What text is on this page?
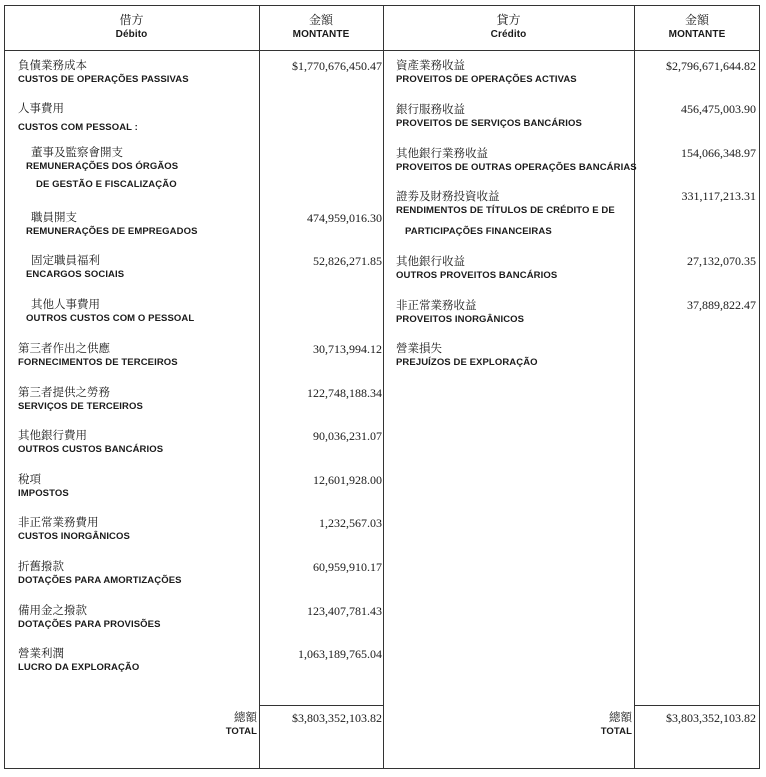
借方
Débito
金額
MONTANTE
貸方
Crédito
金額
MONTANTE
負債業務成本
CUSTOS DE OPERAÇÕES PASSIVAS
$1,770,676,450.47
人事費用
CUSTOS COM PESSOAL :
董事及監察會開支
REMUNERAÇÕES DOS ÓRGÃOS
DE GESTÃO E FISCALIZAÇÃO
職員開支
REMUNERAÇÕES DE EMPREGADOS
474,959,016.30
固定職員福利
ENCARGOS SOCIAIS
52,826,271.85
其他人事費用
OUTROS CUSTOS COM O PESSOAL
第三者作出之供應
FORNECIMENTOS DE TERCEIROS
30,713,994.12
第三者提供之勞務
SERVIÇOS DE TERCEIROS
122,748,188.34
其他銀行費用
OUTROS CUSTOS BANCÁRIOS
90,036,231.07
稅項
IMPOSTOS
12,601,928.00
非正常業務費用
CUSTOS INORGÂNICOS
1,232,567.03
折舊撥款
DOTAÇÕES PARA AMORTIZAÇÕES
60,959,910.17
備用金之撥款
DOTAÇÕES PARA PROVISÕES
123,407,781.43
營業利潤
LUCRO DA EXPLORAÇÃO
1,063,189,765.04
總額
TOTAL
$3,803,352,103.82
資產業務收益
PROVEITOS DE OPERAÇÕES ACTIVAS
$2,796,671,644.82
銀行服務收益
PROVEITOS DE SERVIÇOS BANCÁRIOS
456,475,003.90
其他銀行業務收益
PROVEITOS DE OUTRAS OPERAÇÕES BANCÁRIAS
154,066,348.97
證劵及財務投資收益
RENDIMENTOS DE TÍTULOS DE CRÉDITO E DE
PARTICIPAÇÕES FINANCEIRAS
331,117,213.31
其他銀行收益
OUTROS PROVEITOS BANCÁRIOS
27,132,070.35
非正常業務收益
PROVEITOS INORGÂNICOS
37,889,822.47
營業損失
PREJUÍZOS DE EXPLORAÇÃO
總額
TOTAL
$3,803,352,103.82
